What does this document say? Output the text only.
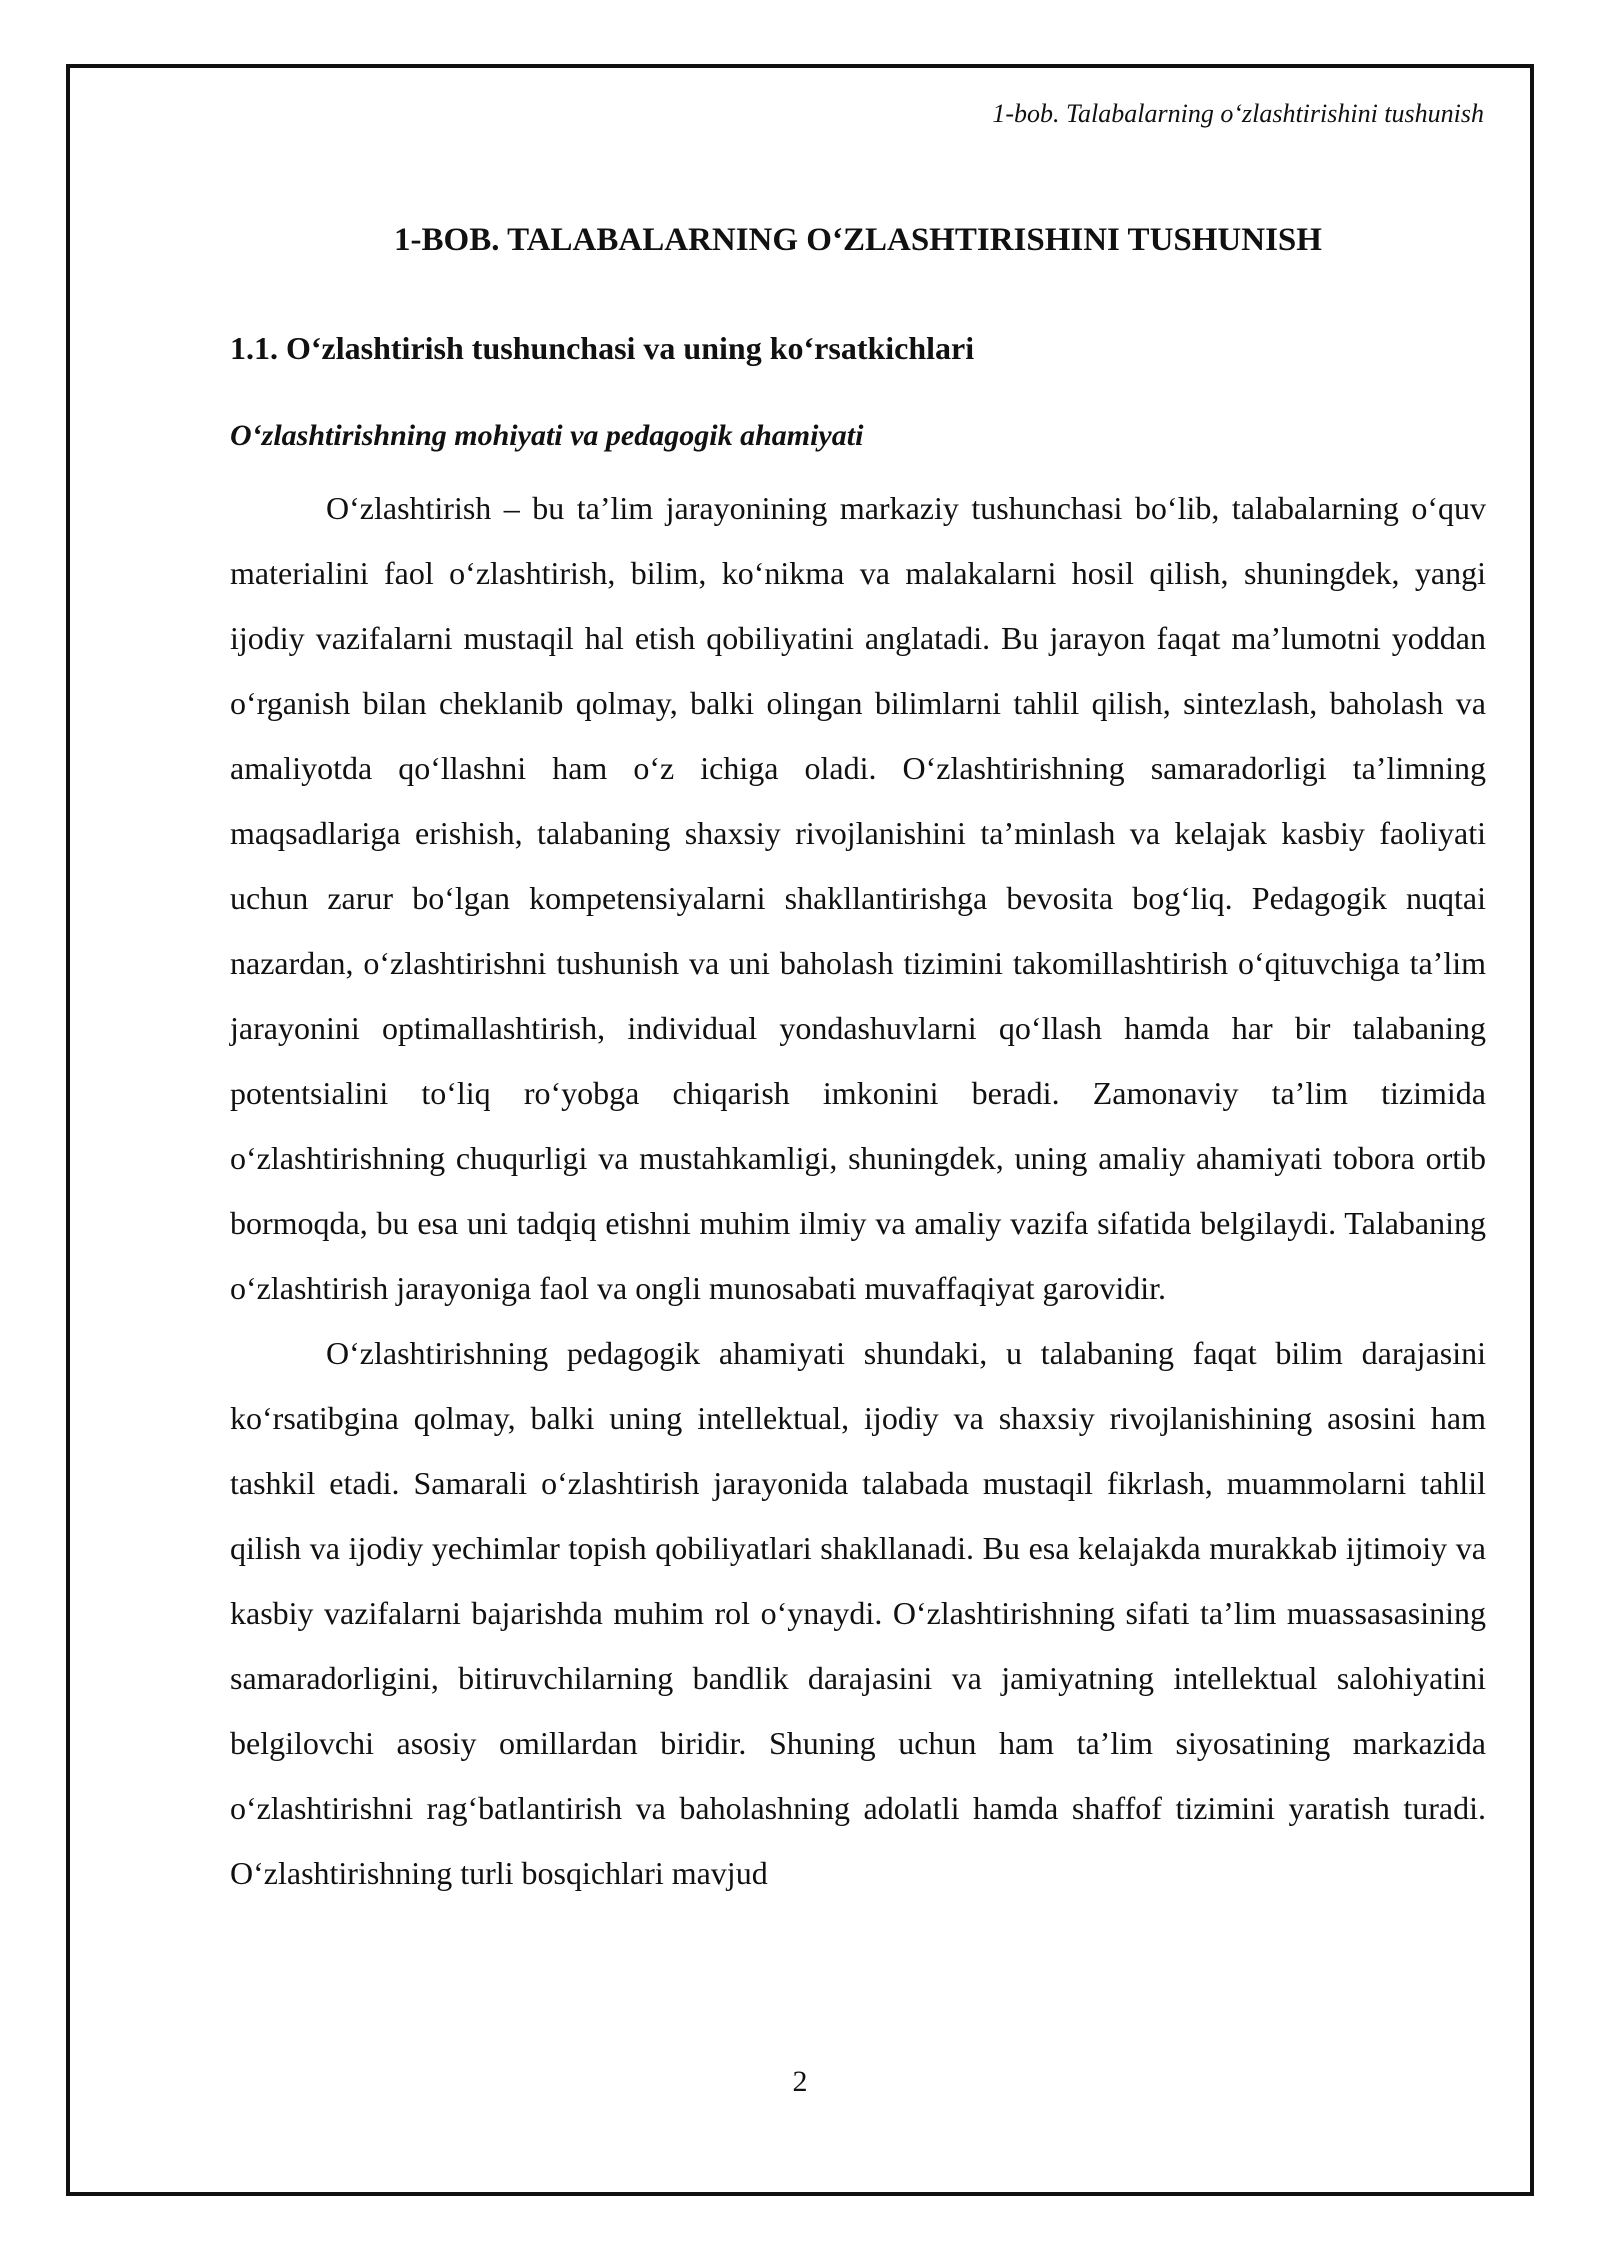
1-bob. Talabalarning oʻzlashtirishini tushunish
1-BOB. TALABALARNING OʻZLASHTIRISHINI TUSHUNISH
1.1. Oʻzlashtirish tushunchasi va uning koʻrsatkichlari
Oʻzlashtirishning mohiyati va pedagogik ahamiyati

Oʻzlashtirish – bu ta’lim jarayonining markaziy tushunchasi boʻlib, talabalarning oʻquv materialini faol oʻzlashtirish, bilim, koʻnikma va malakalarni hosil qilish, shuningdek, yangi ijodiy vazifalarni mustaqil hal etish qobiliyatini anglatadi. Bu jarayon faqat ma’lumotni yoddan oʻrganish bilan cheklanib qolmay, balki olingan bilimlarni tahlil qilish, sintezlash, baholash va amaliyotda qoʻllashni ham oʻz ichiga oladi. Oʻzlashtirishning samaradorligi ta’limning maqsadlariga erishish, talabaning shaxsiy rivojlanishini ta’minlash va kelajak kasbiy faoliyati uchun zarur boʻlgan kompetensiyalarni shakllantirishga bevosita bogʻliq. Pedagogik nuqtai nazardan, oʻzlashtirishni tushunish va uni baholash tizimini takomillashtirish oʻqituvchiga ta’lim jarayonini optimallashtirish, individual yondashuvlarni qoʻllash hamda har bir talabaning potentsialini toʻliq roʻyobga chiqarish imkonini beradi. Zamonaviy ta’lim tizimida oʻzlashtirishning chuqurligi va mustahkamligi, shuningdek, uning amaliy ahamiyati tobora ortib bormoqda, bu esa uni tadqiq etishni muhim ilmiy va amaliy vazifa sifatida belgilaydi. Talabaning oʻzlashtirish jarayoniga faol va ongli munosabati muvaffaqiyat garovidir.

Oʻzlashtirishning pedagogik ahamiyati shundaki, u talabaning faqat bilim darajasini koʻrsatibgina qolmay, balki uning intellektual, ijodiy va shaxsiy rivojlanishining asosini ham tashkil etadi. Samarali oʻzlashtirish jarayonida talabada mustaqil fikrlash, muammolarni tahlil qilish va ijodiy yechimlar topish qobiliyatlari shakllanadi. Bu esa kelajakda murakkab ijtimoiy va kasbiy vazifalarni bajarishda muhim rol oʻynaydi. Oʻzlashtirishning sifati ta’lim muassasasining samaradorligini, bitiruvchilarning bandlik darajasini va jamiyatning intellektual salohiyatini belgilovchi asosiy omillardan biridir. Shuning uchun ham ta’lim siyosatining markazida oʻzlashtirishni ragʻbatlantirish va baholashning adolatli hamda shaffof tizimini yaratish turadi. Oʻzlashtirishning turli bosqichlari mavjud

2
